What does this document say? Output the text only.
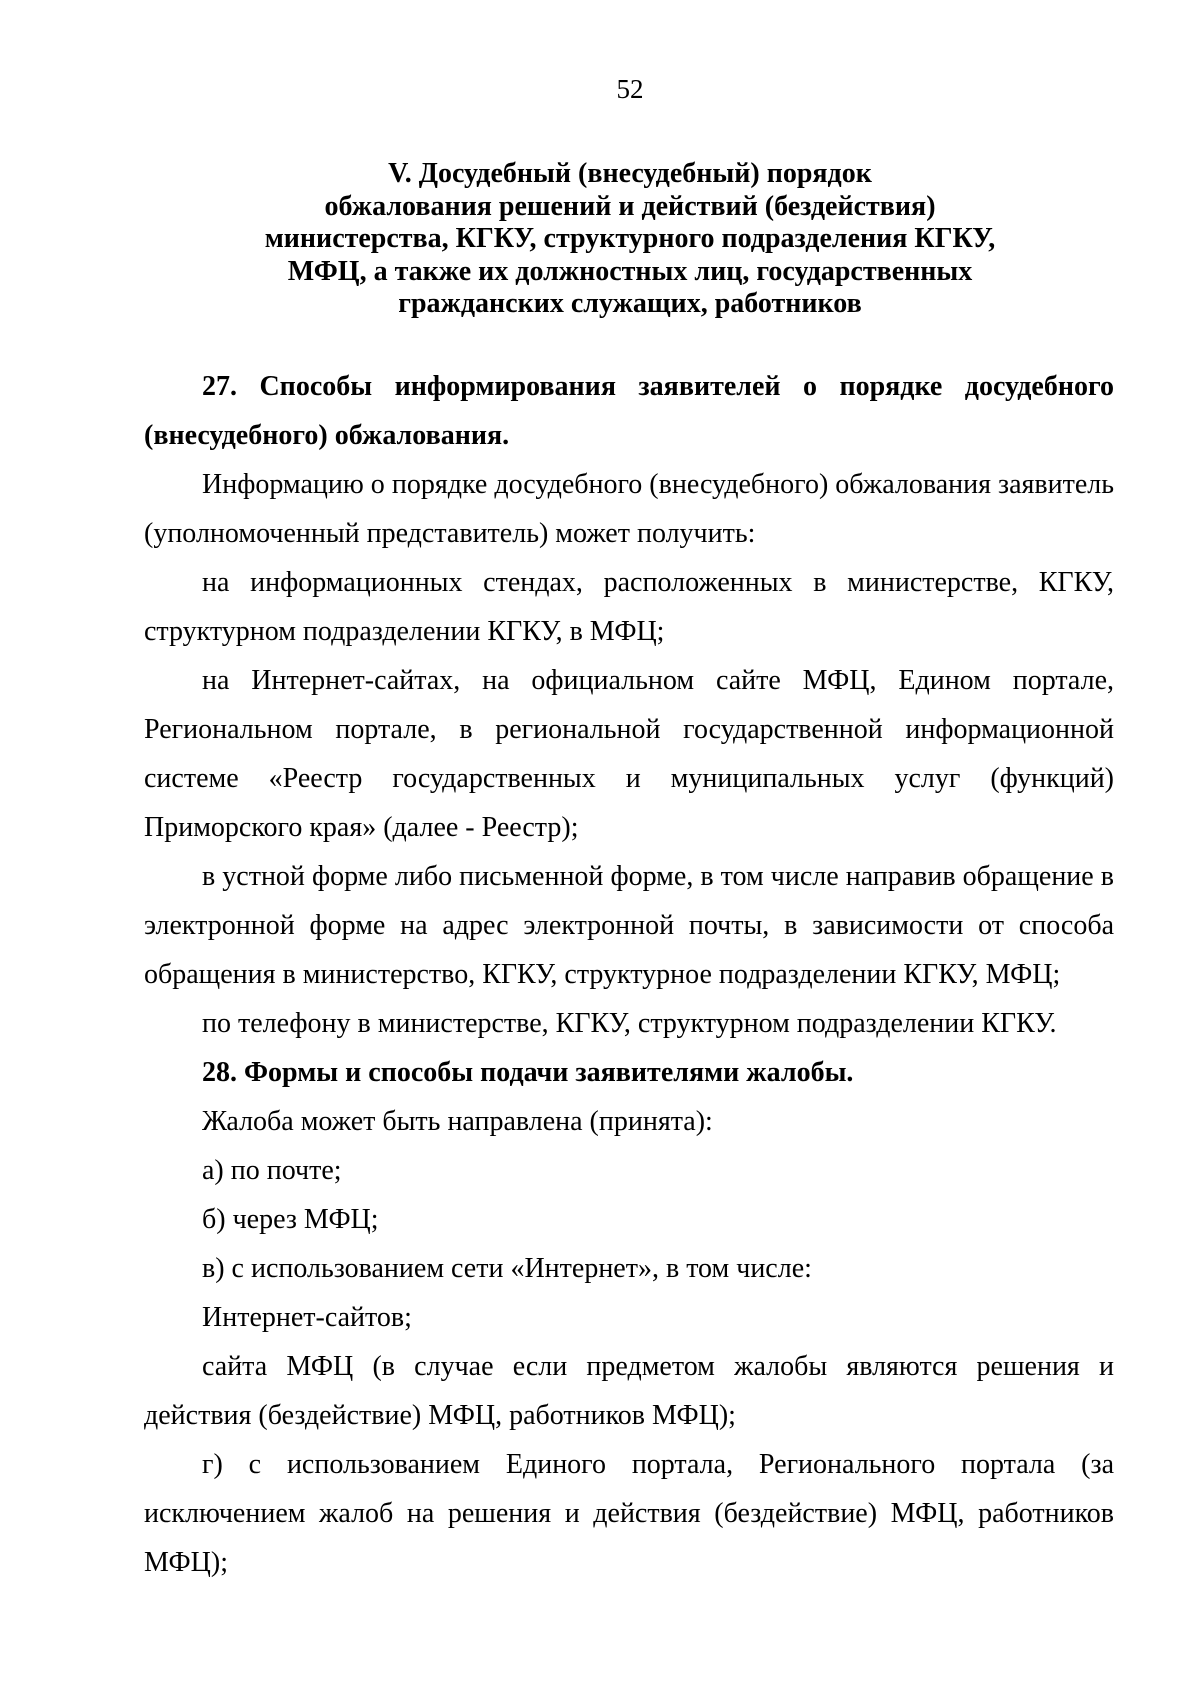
52
V. Досудебный (внесудебный) порядок
обжалования решений и действий (бездействия)
министерства, КГКУ, структурного подразделения КГКУ,
МФЦ, а также их должностных лиц, государственных
гражданских служащих, работников

27. Способы информирования заявителей о порядке досудебного (внесудебного) обжалования.

Информацию о порядке досудебного (внесудебного) обжалования заявитель (уполномоченный представитель) может получить:

на информационных стендах, расположенных в министерстве, КГКУ, структурном подразделении КГКУ, в МФЦ;

на Интернет-сайтах, на официальном сайте МФЦ, Едином портале, Региональном портале, в региональной государственной информационной системе «Реестр государственных и муниципальных услуг (функций) Приморского края» (далее - Реестр);

в устной форме либо письменной форме, в том числе направив обращение в электронной форме на адрес электронной почты, в зависимости от способа обращения в министерство, КГКУ, структурное подразделении КГКУ, МФЦ;

по телефону в министерстве, КГКУ, структурном подразделении КГКУ.

28. Формы и способы подачи заявителями жалобы.

Жалоба может быть направлена (принята):

а) по почте;

б) через МФЦ;

в) с использованием сети «Интернет», в том числе:

Интернет-сайтов;

сайта МФЦ (в случае если предметом жалобы являются решения и действия (бездействие) МФЦ, работников МФЦ);

г) с использованием Единого портала, Регионального портала (за исключением жалоб на решения и действия (бездействие) МФЦ, работников МФЦ);
